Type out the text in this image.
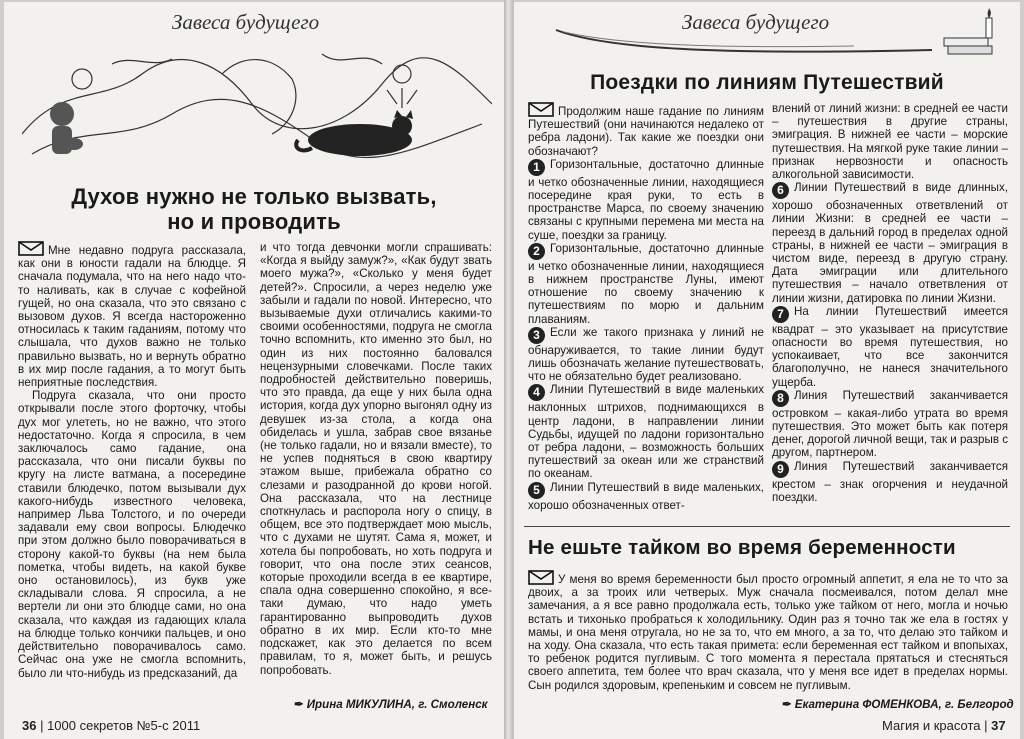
Завеса будущего
Духов нужно не только вызвать,
но и проводить

Мне недавно подруга рассказала, как они в юности гадали на блюдце. Я сначала подумала, что на него надо что-то наливать, как в случае с кофейной гущей, но она сказала, что это связано с вызовом духов. Я всегда настороженно относилась к таким гаданиям, потому что слышала, что духов важно не только правильно вызвать, но и вернуть обратно в их мир после гадания, а то могут быть неприятные последствия.

Подруга сказала, что они просто открывали после этого форточку, чтобы дух мог улететь, но не важно, что этого недостаточно. Когда я спросила, в чем заключалось само гадание, она рассказала, что они писали буквы по кругу на листе ватмана, а посередине ставили блюдечко, потом вызывали дух какого-нибудь известного человека, например Льва Толстого, и по очереди задавали ему свои вопросы. Блюдечко при этом должно было поворачиваться в сторону какой-то буквы (на нем была пометка, чтобы видеть, на какой букве оно остановилось), из букв уже складывали слова. Я спросила, а не вертели ли они это блюдце сами, но она сказала, что каждая из гадающих клала на блюдце только кончики пальцев, и оно действительно поворачивалось само. Сейчас она уже не смогла вспомнить, было ли что-нибудь из предсказаний, да

и что тогда девчонки могли спрашивать: «Когда я выйду замуж?», «Как будут звать моего мужа?», «Сколько у меня будет детей?». Спросили, а через неделю уже забыли и гадали по новой. Интересно, что вызываемые духи отличались какими-то своими особенностями, подруга не смогла точно вспомнить, кто именно это был, но один из них постоянно баловался нецензурными словечками. После таких подробностей действительно поверишь, что это правда, да еще у них была одна история, когда дух упорно выгонял одну из девушек из-за стола, а когда она обиделась и ушла, забрав свое вязанье (не только гадали, но и вязали вместе), то не успев подняться в свою квартиру этажом выше, прибежала обратно со слезами и разодранной до крови ногой. Она рассказала, что на лестнице споткнулась и распорола ногу о спицу, в общем, все это подтверждает мою мысль, что с духами не шутят. Сама я, может, и хотела бы попробовать, но хоть подруга и говорит, что она после этих сеансов, которые проходили всегда в ее квартире, спала одна совершенно спокойно, я все-таки думаю, что надо уметь гарантированно выпроводить духов обратно в их мир. Если кто-то мне подскажет, как это делается по всем правилам, то я, может быть, и решусь попробовать.

✒ Ирина МИКУЛИНА, г. Смоленск
36 | 1000 секретов №5-с 2011
Завеса будущего
Поездки по линиям Путешествий

Продолжим наше гадание по линиям Путешествий (они начинаются недалеко от ребра ладони). Так какие же поездки они обозначают?

1 Горизонтальные, достаточно длинные и четко обозначенные линии, находящиеся посередине края руки, то есть в пространстве Марса, по своему значению связаны с крупными перемена ми места на суше, поездки за границу.

2 Горизонтальные, достаточно длинные и четко обозначенные линии, находящиеся в нижнем пространстве Луны, имеют отношение по своему значению к путешествиям по морю и дальним плаваниям.

3 Если же такого признака у линий не обнаруживается, то такие линии будут лишь обозначать желание путешествовать, что не обязательно будет реализовано.

4 Линии Путешествий в виде маленьких наклонных штрихов, поднимающихся в центр ладони, в направлении линии Судьбы, идущей по ладони горизонтально от ребра ладони, – возможность больших путешествий за океан или же странствий по океанам.

5 Линии Путешествий в виде маленьких, хорошо обозначенных ответ-

влений от линий жизни: в средней ее части – путешествия в другие страны, эмиграция. В нижней ее части – морские путешествия. На мягкой руке такие линии – признак нервозности и опасность алкогольной зависимости.

6 Линии Путешествий в виде длинных, хорошо обозначенных ответвлений от линии Жизни: в средней ее части – переезд в дальний город в пределах одной страны, в нижней ее части – эмиграция в чистом виде, переезд в другую страну. Дата эмиграции или длительного путешествия – начало ответвления от линии жизни, датировка по линии Жизни.

7 На линии Путешествий имеется квадрат – это указывает на присутствие опасности во время путешествия, но успокаивает, что все закончится благополучно, не нанеся значительного ущерба.

8 Линия Путешествий заканчивается островком – какая-либо утрата во время путешествия. Это может быть как потеря денег, дорогой личной вещи, так и разрыв с другом, партнером.

9 Линия Путешествий заканчивается крестом – знак огорчения и неудачной поездки.

Не ешьте тайком во время беременности

У меня во время беременности был просто огромный аппетит, я ела не то что за двоих, а за троих или четверых. Муж сначала посмеивался, потом делал мне замечания, а я все равно продолжала есть, только уже тайком от него, могла и ночью встать и тихонько пробраться к холодильнику. Один раз я точно так же ела в гостях у мамы, и она меня отругала, но не за то, что ем много, а за то, что делаю это тайком и на ходу. Она сказала, что есть такая примета: если беременная ест тайком и впопыхах, то ребенок родится пугливым. С того момента я перестала прятаться и стесняться своего аппетита, тем более что врач сказала, что у меня все идет в пределах нормы. Сын родился здоровым, крепеньким и совсем не пугливым.

✒ Екатерина ФОМЕНКОВА, г. Белгород
Магия и красота | 37
